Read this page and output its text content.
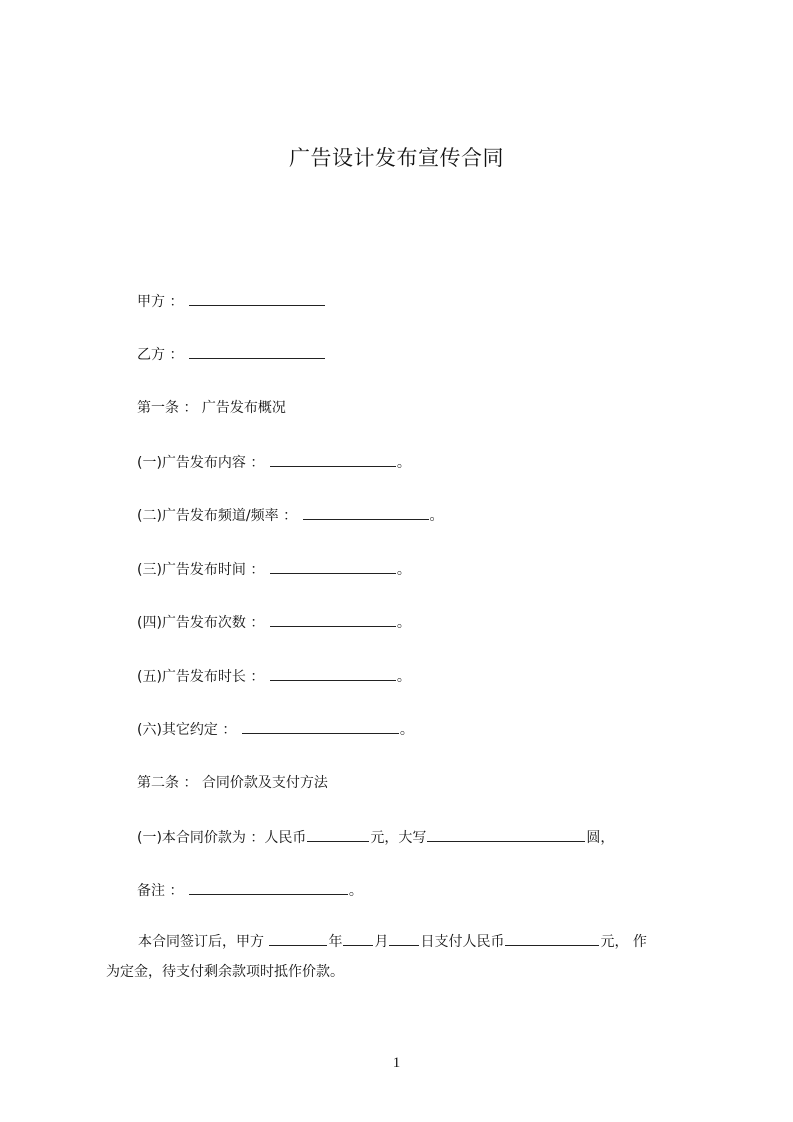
广告设计发布宣传合同
甲方 ：
乙方 ：
第一条 ： 广告发布概况
(一)广告发布内容 ：	。
(二)广告发布频道/频率 ：	。
(三)广告发布时间 ：	。
(四)广告发布次数 ：	。
(五)广告发布时长 ：	。
(六)其它约定 ：	。
第二条 ： 合同价款及支付方法
(一)本合同价款为 ：人民币	元，大写	圆，
备注 ：	。
本合同签订后，甲方	年 月 日支付人民币	元， 作
为定金，待支付剩余款项时抵作价款。
1
